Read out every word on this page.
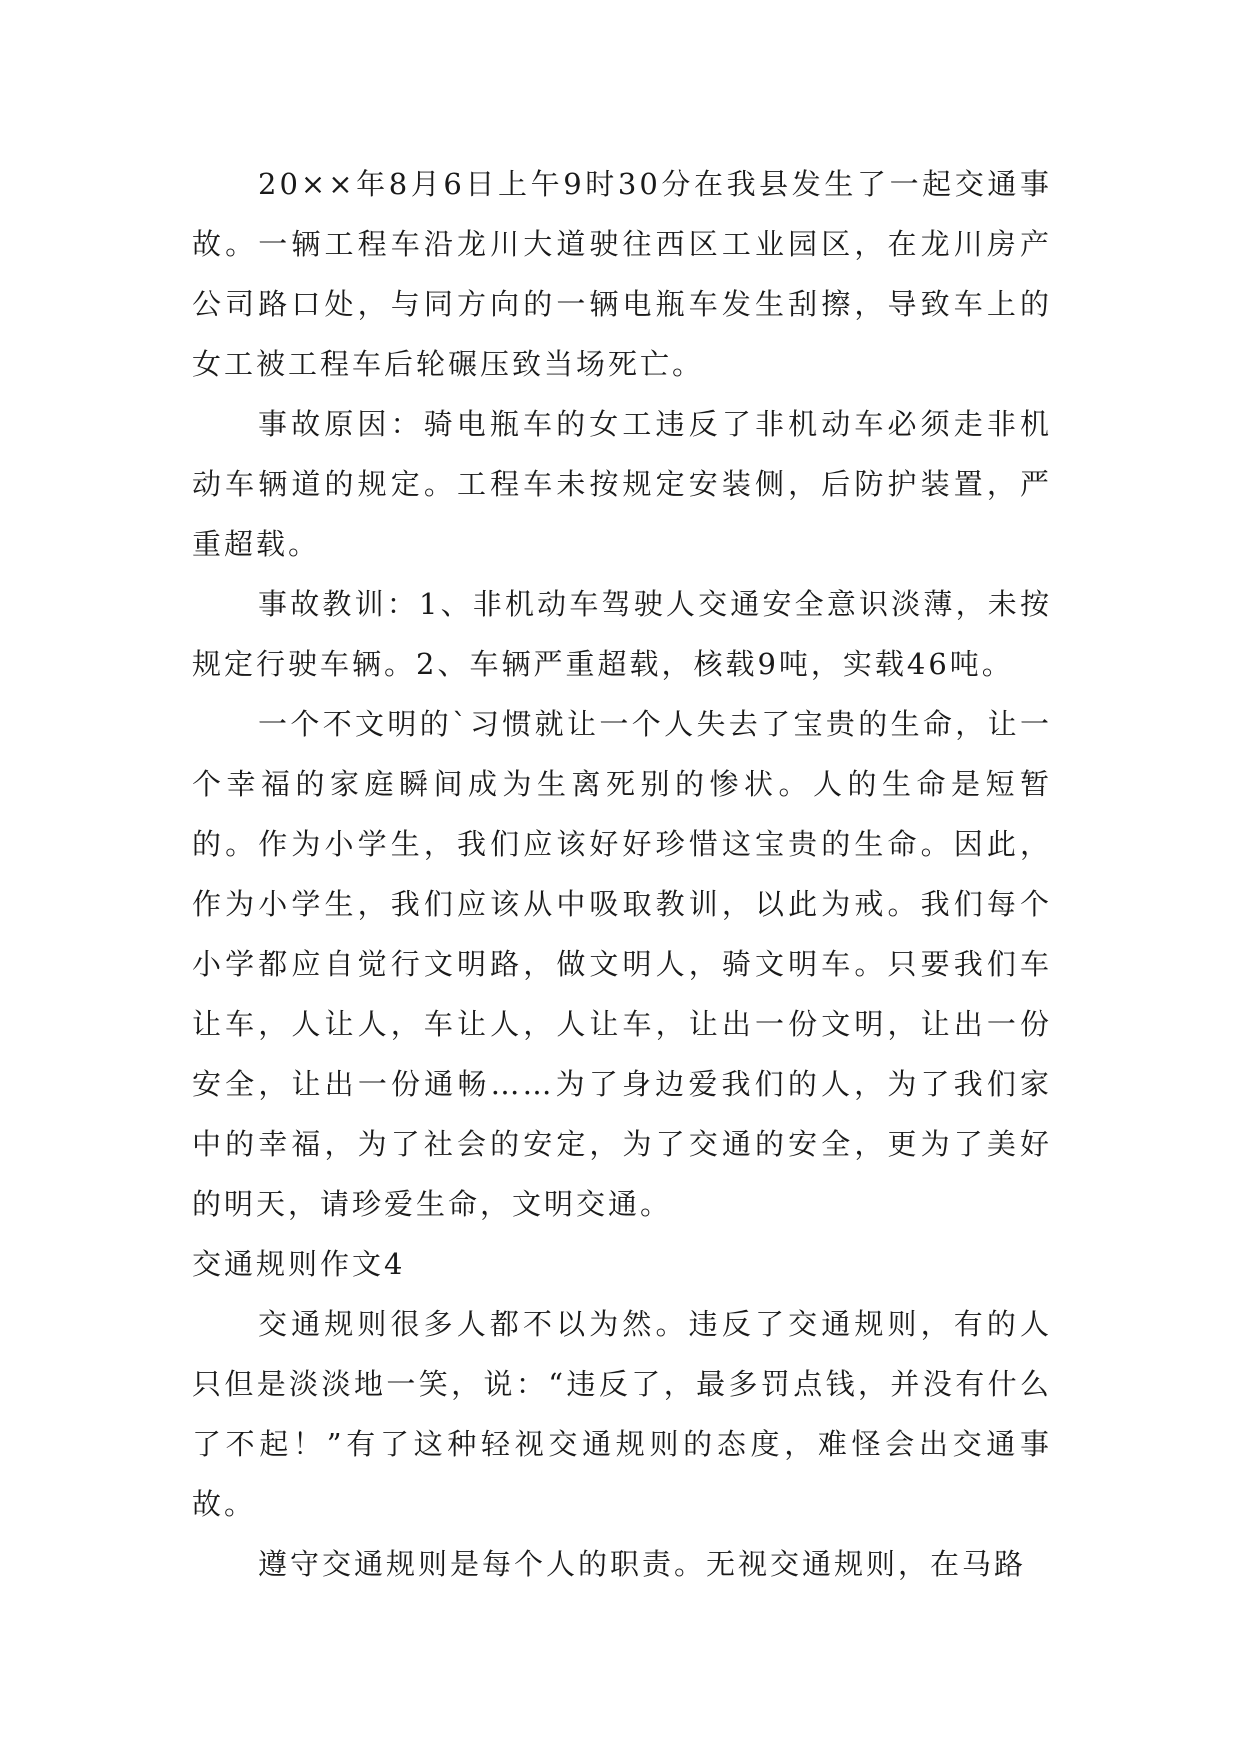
20××年8月6日上午9时30分在我县发生了一起交通事故。一辆工程车沿龙川大道驶往西区工业园区，在龙川房产公司路口处，与同方向的一辆电瓶车发生刮擦，导致车上的女工被工程车后轮碾压致当场死亡。

事故原因：骑电瓶车的女工违反了非机动车必须走非机动车辆道的规定。工程车未按规定安装侧，后防护装置，严重超载。

事故教训：1、非机动车驾驶人交通安全意识淡薄，未按规定行驶车辆。2、车辆严重超载，核载9吨，实载46吨。

一个不文明的`习惯就让一个人失去了宝贵的生命，让一个幸福的家庭瞬间成为生离死别的惨状。人的生命是短暂的。作为小学生，我们应该好好珍惜这宝贵的生命。因此，作为小学生，我们应该从中吸取教训，以此为戒。我们每个小学都应自觉行文明路，做文明人，骑文明车。只要我们车让车，人让人，车让人，人让车，让出一份文明，让出一份安全，让出一份通畅……为了身边爱我们的人，为了我们家中的幸福，为了社会的安定，为了交通的安全，更为了美好的明天，请珍爱生命，文明交通。

交通规则作文4

交通规则很多人都不以为然。违反了交通规则，有的人只但是淡淡地一笑，说：“违反了，最多罚点钱，并没有什么了不起！”有了这种轻视交通规则的态度，难怪会出交通事故。

遵守交通规则是每个人的职责。无视交通规则，在马路
